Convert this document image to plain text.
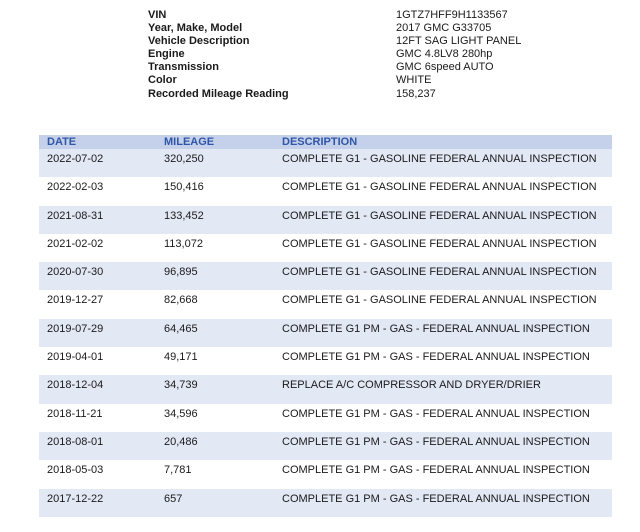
VIN	1GTZ7HFF9H1133567
Year, Make, Model	2017 GMC G33705
Vehicle Description	12FT SAG LIGHT PANEL
Engine	GMC 4.8LV8 280hp
Transmission	GMC 6speed AUTO
Color	WHITE
Recorded Mileage Reading	158,237
DATE	MILEAGE	DESCRIPTION
2022-07-02	320,250	COMPLETE G1 - GASOLINE FEDERAL ANNUAL INSPECTION
2022-02-03	150,416	COMPLETE G1 - GASOLINE FEDERAL ANNUAL INSPECTION
2021-08-31	133,452	COMPLETE G1 - GASOLINE FEDERAL ANNUAL INSPECTION
2021-02-02	113,072	COMPLETE G1 - GASOLINE FEDERAL ANNUAL INSPECTION
2020-07-30	96,895	COMPLETE G1 - GASOLINE FEDERAL ANNUAL INSPECTION
2019-12-27	82,668	COMPLETE G1 - GASOLINE FEDERAL ANNUAL INSPECTION
2019-07-29	64,465	COMPLETE G1 PM - GAS - FEDERAL ANNUAL INSPECTION
2019-04-01	49,171	COMPLETE G1 PM - GAS - FEDERAL ANNUAL INSPECTION
2018-12-04	34,739	REPLACE A/C COMPRESSOR AND DRYER/DRIER
2018-11-21	34,596	COMPLETE G1 PM - GAS - FEDERAL ANNUAL INSPECTION
2018-08-01	20,486	COMPLETE G1 PM - GAS - FEDERAL ANNUAL INSPECTION
2018-05-03	7,781	COMPLETE G1 PM - GAS - FEDERAL ANNUAL INSPECTION
2017-12-22	657	COMPLETE G1 PM - GAS - FEDERAL ANNUAL INSPECTION
